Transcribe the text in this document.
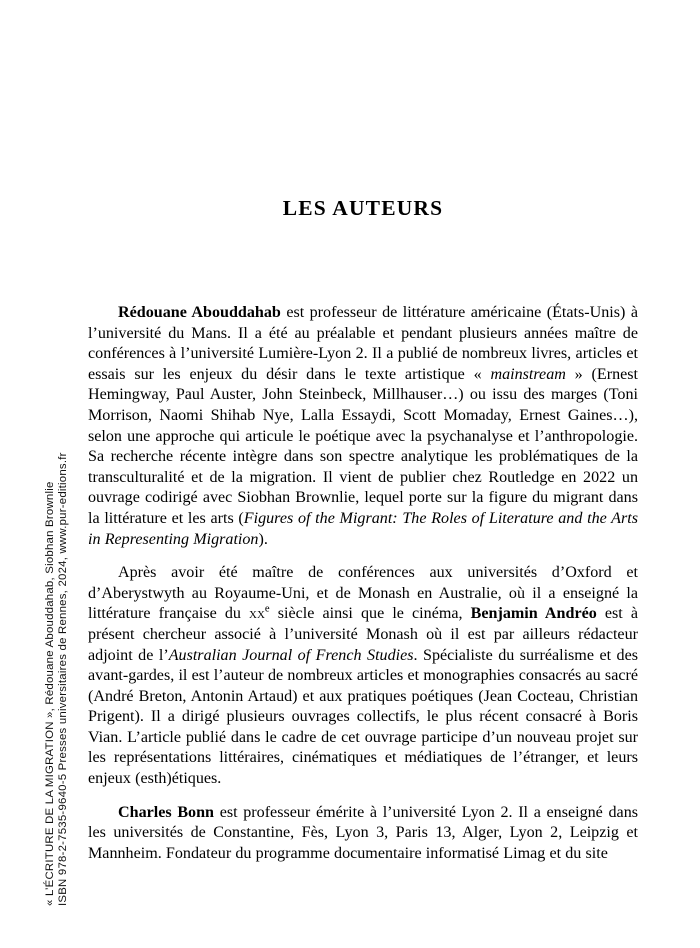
« L’ÉCRITURE DE LA MIGRATION », Rédouane Abouddahab, Siobhan Brownlie ISBN 978-2-7535-9640-5 Presses universitaires de Rennes, 2024, www.pur-editions.fr
LES AUTEURS

Rédouane Abouddahab est professeur de littérature américaine (États-Unis) à l’université du Mans. Il a été au préalable et pendant plusieurs années maître de conférences à l’université Lumière-Lyon 2. Il a publié de nombreux livres, articles et essais sur les enjeux du désir dans le texte artistique « mainstream » (Ernest Hemingway, Paul Auster, John Steinbeck, Millhauser…) ou issu des marges (Toni Morrison, Naomi Shihab Nye, Lalla Essaydi, Scott Momaday, Ernest Gaines…), selon une approche qui articule le poétique avec la psychanalyse et l’anthropologie. Sa recherche récente intègre dans son spectre analytique les problématiques de la transculturalité et de la migration. Il vient de publier chez Routledge en 2022 un ouvrage codirigé avec Siobhan Brownlie, lequel porte sur la figure du migrant dans la littérature et les arts (Figures of the Migrant: The Roles of Literature and the Arts in Representing Migration).

Après avoir été maître de conférences aux universités d’Oxford et d’Aberystwyth au Royaume-Uni, et de Monash en Australie, où il a enseigné la littérature française du $xx^e$ siècle ainsi que le cinéma, Benjamin Andréo est à présent chercheur associé à l’université Monash où il est par ailleurs rédacteur adjoint de l’Australian Journal of French Studies. Spécialiste du surréalisme et des avant-gardes, il est l’auteur de nombreux articles et monographies consacrés au sacré (André Breton, Antonin Artaud) et aux pratiques poétiques (Jean Cocteau, Christian Prigent). Il a dirigé plusieurs ouvrages collectifs, le plus récent consacré à Boris Vian. L’article publié dans le cadre de cet ouvrage participe d’un nouveau projet sur les représentations littéraires, cinématiques et médiatiques de l’étranger, et leurs enjeux (esth)étiques.

Charles Bonn est professeur émérite à l’université Lyon 2. Il a enseigné dans les universités de Constantine, Fès, Lyon 3, Paris 13, Alger, Lyon 2, Leipzig et Mannheim. Fondateur du programme documentaire informatisé Limag et du site
